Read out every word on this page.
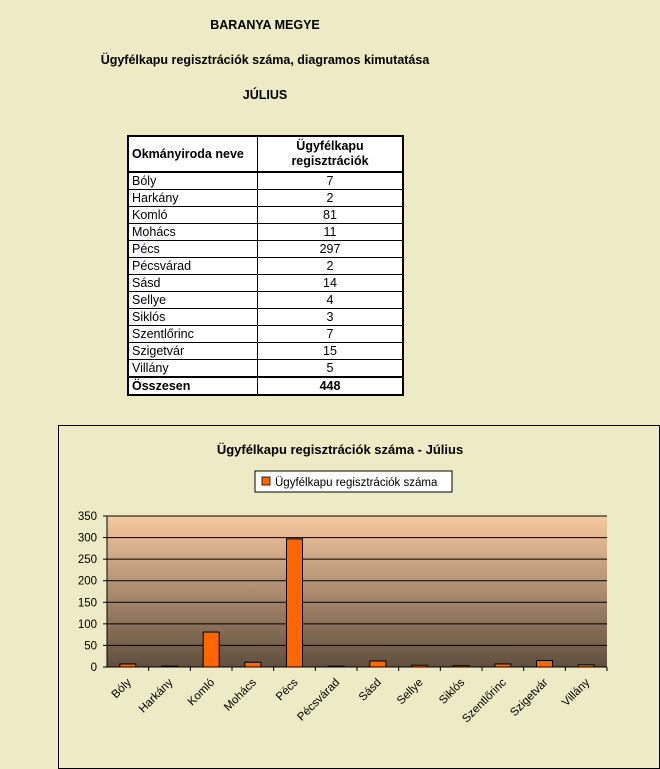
BARANYA MEGYE
Ügyfélkapu regisztrációk száma, diagramos kimutatása
JÚLIUS
Okmányiroda neve	Ügyfélkapu
regisztrációk
Bóly	7
Harkány	2
Komló	81
Mohács	11
Pécs	297
Pécsvárad	2
Sásd	14
Sellye	4
Siklós	3
Szentlőrinc	7
Szigetvár	15
Villány	5
Összesen	448
Ügyfélkapu regisztrációk száma - Július
Ügyfélkapu regisztrációk száma
0
50
100
150
200
250
300
350
Bóly Harkány Komló Mohács Pécs
Pécsvárad Sásd Sellye Siklós
Szentlőrinc Szigetvár Villány
